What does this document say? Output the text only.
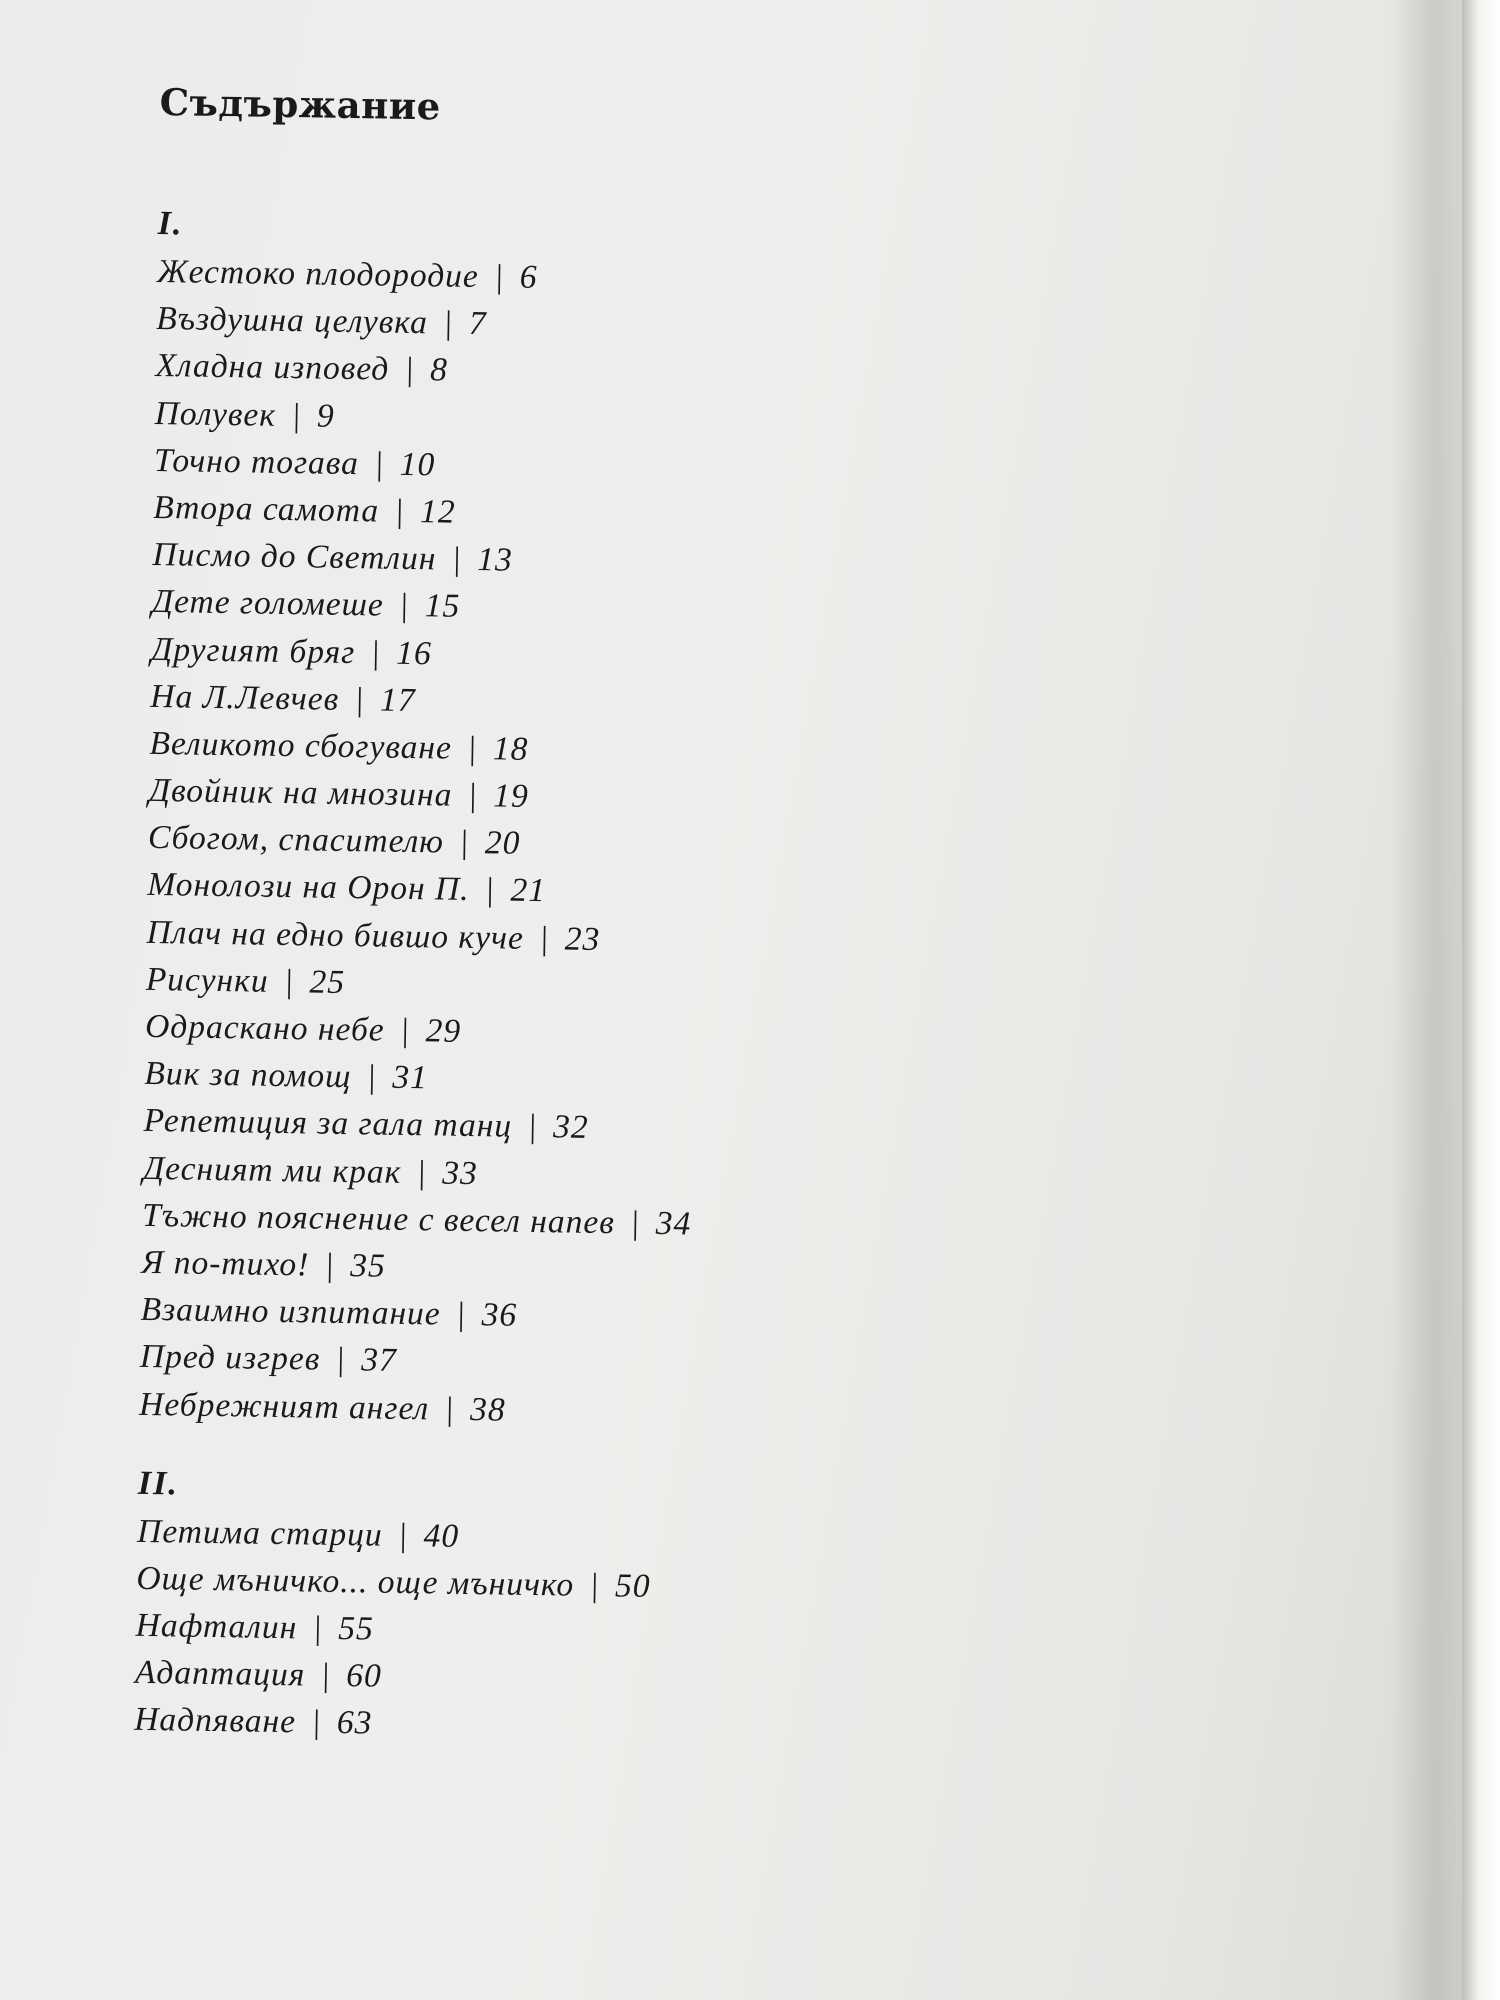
Съдържание
I.
Жестоко плодородие | 6
Въздушна целувка | 7
Хладна изповед | 8
Полувек | 9
Точно тогава | 10
Втора самота | 12
Писмо до Светлин | 13
Дете голомеше | 15
Другият бряг | 16
На Л.Левчев | 17
Великото сбогуване | 18
Двойник на мнозина | 19
Сбогом, спасителю | 20
Монолози на Орон П. | 21
Плач на едно бившо куче | 23
Рисунки | 25
Одраскано небе | 29
Вик за помощ | 31
Репетиция за гала танц | 32
Десният ми крак | 33
Тъжно пояснение с весел напев | 34
Я по-тихо! | 35
Взаимно изпитание | 36
Пред изгрев | 37
Небрежният ангел | 38
II.
Петима старци | 40
Още мъничко... още мъничко | 50
Нафталин | 55
Адаптация | 60
Надпяване | 63
